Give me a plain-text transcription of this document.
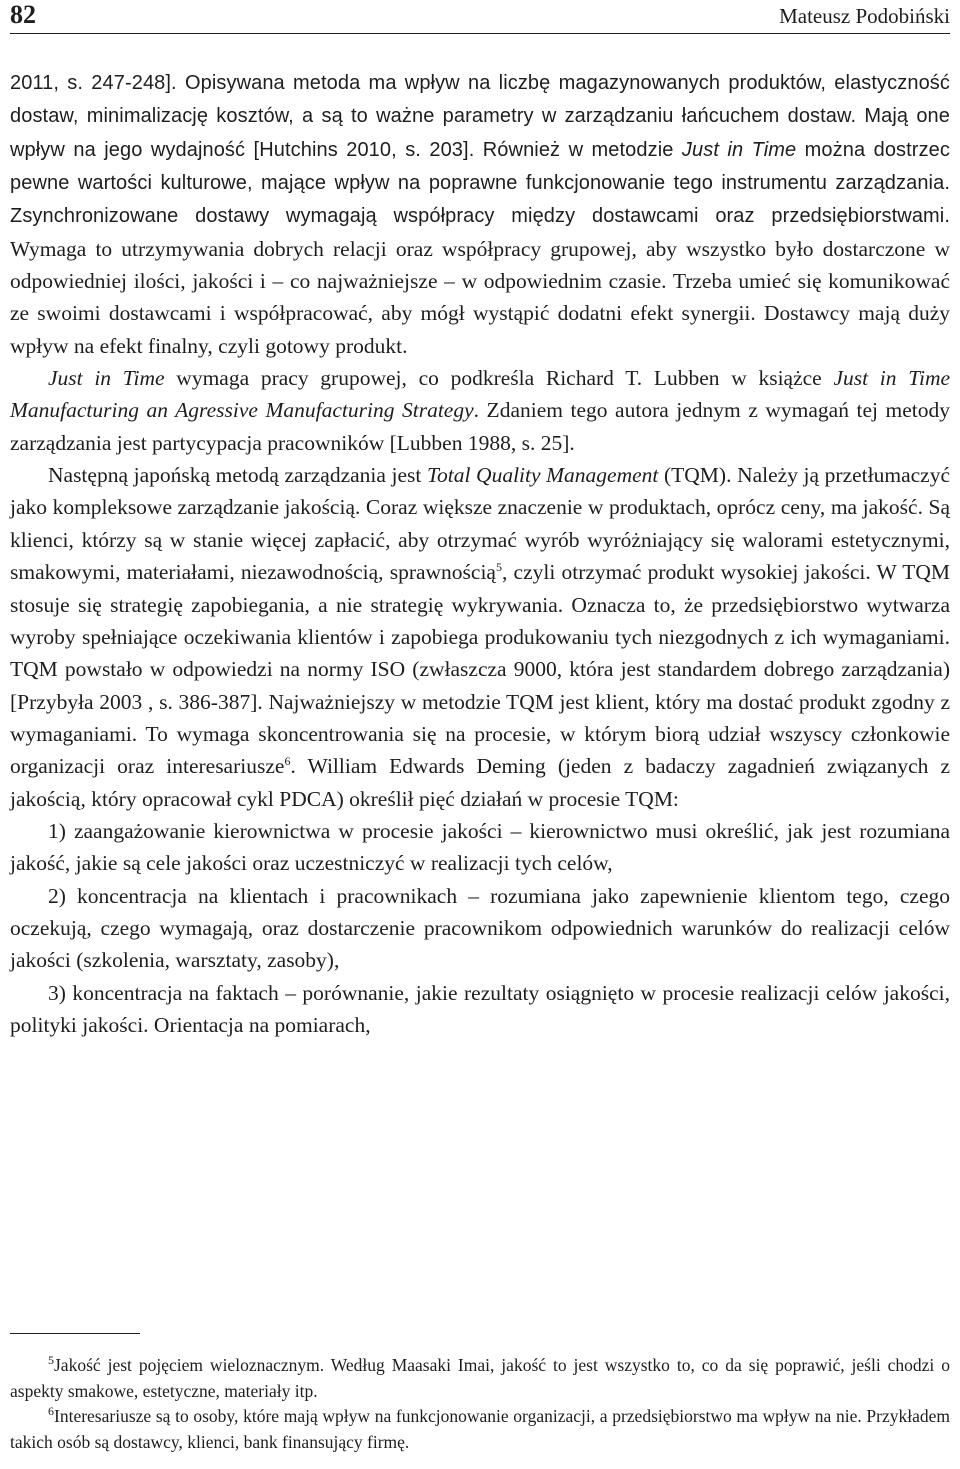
82	Mateusz Podobiński

2011, s. 247-248]. Opisywana metoda ma wpływ na liczbę magazynowanych produktów, elastyczność dostaw, minimalizację kosztów, a są to ważne parametry w zarządzaniu łańcuchem dostaw. Mają one wpływ na jego wydajność [Hutchins 2010, s. 203]. Również w metodzie Just in Time można dostrzec pewne wartości kulturowe, mające wpływ na poprawne funkcjonowanie tego instrumentu zarządzania. Zsynchronizowane dostawy wymagają współpracy między dostawcami oraz przedsiębiorstwami. Wymaga to utrzymywania dobrych relacji oraz współpracy grupowej, aby wszystko było dostarczone w odpowiedniej ilości, jakości i – co najważniejsze – w odpowiednim czasie. Trzeba umieć się komunikować ze swoimi dostawcami i współpracować, aby mógł wystąpić dodatni efekt synergii. Dostawcy mają duży wpływ na efekt finalny, czyli gotowy produkt.

Just in Time wymaga pracy grupowej, co podkreśla Richard T. Lubben w książce Just in Time Manufacturing an Agressive Manufacturing Strategy. Zdaniem tego autora jednym z wymagań tej metody zarządzania jest partycypacja pracowników [Lubben 1988, s. 25].

Następną japońską metodą zarządzania jest Total Quality Management (TQM). Należy ją przetłumaczyć jako kompleksowe zarządzanie jakością. Coraz większe znaczenie w produktach, oprócz ceny, ma jakość. Są klienci, którzy są w stanie więcej zapłacić, aby otrzymać wyrób wyróżniający się walorami estetycznymi, smakowymi, materiałami, niezawodnością, sprawnością$^5$, czyli otrzymać produkt wysokiej jakości. W TQM stosuje się strategię zapobiegania, a nie strategię wykrywania. Oznacza to, że przedsiębiorstwo wytwarza wyroby spełniające oczekiwania klientów i zapobiega produkowaniu tych niezgodnych z ich wymaganiami. TQM powstało w odpowiedzi na normy ISO (zwłaszcza 9000, która jest standardem dobrego zarządzania) [Przybyła 2003 , s. 386-387]. Najważniejszy w metodzie TQM jest klient, który ma dostać produkt zgodny z wymaganiami. To wymaga skoncentrowania się na procesie, w którym biorą udział wszyscy członkowie organizacji oraz interesariusze$^6$. William Edwards Deming (jeden z badaczy zagadnień związanych z jakością, który opracował cykl PDCA) określił pięć działań w procesie TQM:

1) zaangażowanie kierownictwa w procesie jakości – kierownictwo musi określić, jak jest rozumiana jakość, jakie są cele jakości oraz uczestniczyć w realizacji tych celów,

2) koncentracja na klientach i pracownikach – rozumiana jako zapewnienie klientom tego, czego oczekują, czego wymagają, oraz dostarczenie pracownikom odpowiednich warunków do realizacji celów jakości (szkolenia, warsztaty, zasoby),

3) koncentracja na faktach – porównanie, jakie rezultaty osiągnięto w procesie realizacji celów jakości, polityki jakości. Orientacja na pomiarach,

$^5$Jakość jest pojęciem wieloznacznym. Według Maasaki Imai, jakość to jest wszystko to, co da się poprawić, jeśli chodzi o aspekty smakowe, estetyczne, materiały itp.

$^6$Interesariusze są to osoby, które mają wpływ na funkcjonowanie organizacji, a przedsiębiorstwo ma wpływ na nie. Przykładem takich osób są dostawcy, klienci, bank finansujący firmę.
